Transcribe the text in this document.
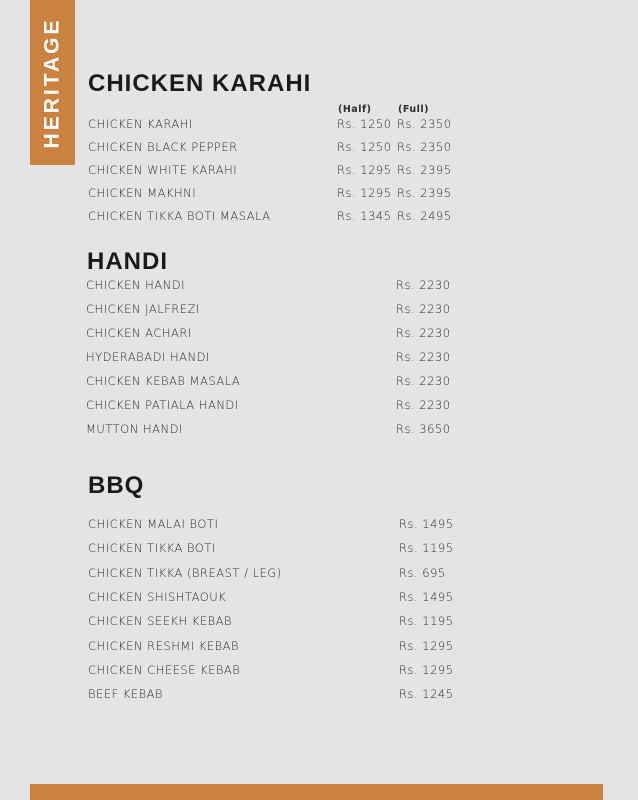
HERITAGE CHICKEN KARAHI
(Half)	(Full)
CHICKEN KARAHI	Rs. 1250 Rs. 2350
CHICKEN BLACK PEPPER	Rs. 1250 Rs. 2350
CHICKEN WHITE KARAHI	Rs. 1295 Rs. 2395
CHICKEN MAKHNI	Rs. 1295 Rs. 2395
CHICKEN TIKKA BOTI MASALA	Rs. 1345 Rs. 2495
HANDI
CHICKEN HANDI	Rs. 2230
CHICKEN JALFREZI	Rs. 2230
CHICKEN ACHARI	Rs. 2230
HYDERABADI HANDI	Rs. 2230
CHICKEN KEBAB MASALA	Rs. 2230
CHICKEN PATIALA HANDI	Rs. 2230
MUTTON HANDI	Rs. 3650
BBQ
CHICKEN MALAI BOTI	Rs. 1495
CHICKEN TIKKA BOTI	Rs. 1195
CHICKEN TIKKA (BREAST / LEG)	Rs. 695
CHICKEN SHISHTAOUK	Rs. 1495
CHICKEN SEEKH KEBAB	Rs. 1195
CHICKEN RESHMI KEBAB	Rs. 1295
CHICKEN CHEESE KEBAB	Rs. 1295
BEEF KEBAB	Rs. 1245
